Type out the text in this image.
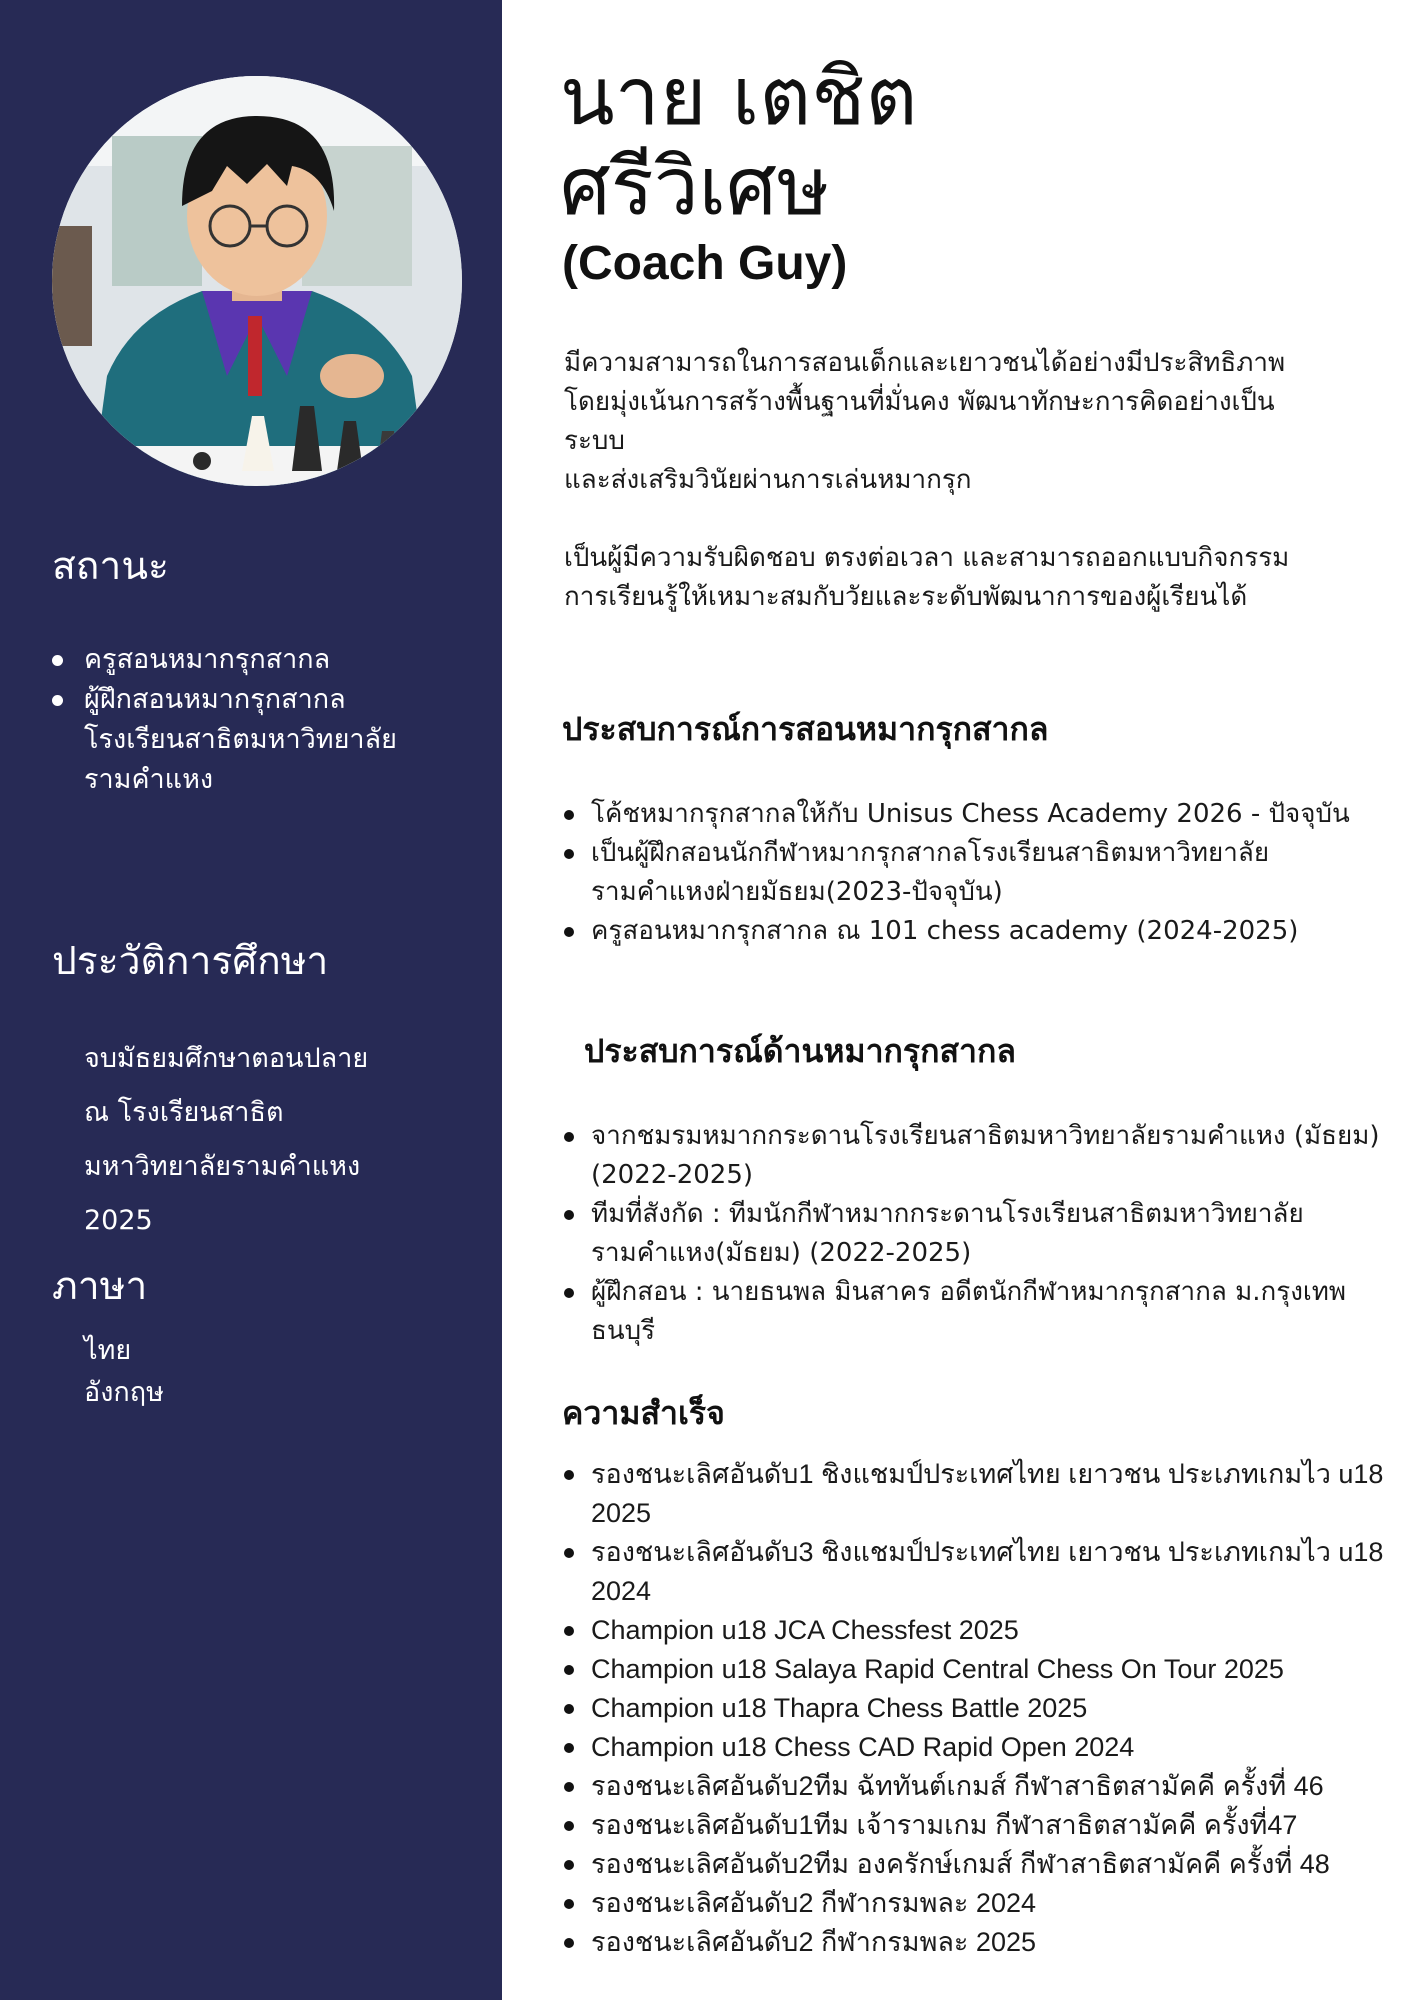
สถานะ
ครูสอนหมากรุกสากล
ผู้ฝึกสอนหมากรุกสากล โรงเรียนสาธิตมหาวิทยาลัยรามคำแหง
ประวัติการศึกษา
จบมัธยมศึกษาตอนปลาย
ณ โรงเรียนสาธิต
มหาวิทยาลัยรามคำแหง
2025
ภาษา
ไทย
อังกฤษ
นาย เตชิต
ศรีวิเศษ
(Coach Guy)

มีความสามารถในการสอนเด็กและเยาวชนได้อย่างมีประสิทธิภาพ

โดยมุ่งเน้นการสร้างพื้นฐานที่มั่นคง พัฒนาทักษะการคิดอย่างเป็น

ระบบ

และส่งเสริมวินัยผ่านการเล่นหมากรุก

เป็นผู้มีความรับผิดชอบ ตรงต่อเวลา และสามารถออกแบบกิจกรรม

การเรียนรู้ให้เหมาะสมกับวัยและระดับพัฒนาการของผู้เรียนได้

ประสบการณ์การสอนหมากรุกสากล
โค้ชหมากรุกสากลให้กับ Unisus Chess Academy 2026 - ปัจจุบัน
เป็นผู้ฝึกสอนนักกีฬาหมากรุกสากลโรงเรียนสาธิตมหาวิทยาลัยรามคำแหงฝ่ายมัธยม(2023-ปัจจุบัน)
ครูสอนหมากรุกสากล ณ 101 chess academy (2024-2025)
ประสบการณ์ด้านหมากรุกสากล
จากชมรมหมากกระดานโรงเรียนสาธิตมหาวิทยาลัยรามคำแหง (มัธยม) (2022-2025)
ทีมที่สังกัด : ทีมนักกีฬาหมากกระดานโรงเรียนสาธิตมหาวิทยาลัยรามคำแหง(มัธยม) (2022-2025)
ผู้ฝึกสอน : นายธนพล มินสาคร อดีตนักกีฬาหมากรุกสากล ม.กรุงเทพธนบุรี
ความสำเร็จ
รองชนะเลิศอันดับ1 ชิงแชมป์ประเทศไทย เยาวชน ประเภทเกมไว u18 2025
รองชนะเลิศอันดับ3 ชิงแชมป์ประเทศไทย เยาวชน ประเภทเกมไว u18 2024
Champion u18 JCA Chessfest 2025
Champion u18 Salaya Rapid Central Chess On Tour 2025
Champion u18 Thapra Chess Battle 2025
Champion u18 Chess CAD Rapid Open 2024
รองชนะเลิศอันดับ2ทีม ฉัททันต์เกมส์ กีฬาสาธิตสามัคคี ครั้งที่ 46
รองชนะเลิศอันดับ1ทีม เจ้ารามเกม กีฬาสาธิตสามัคคี ครั้งที่47
รองชนะเลิศอันดับ2ทีม องครักษ์เกมส์ กีฬาสาธิตสามัคคี ครั้งที่ 48
รองชนะเลิศอันดับ2 กีฬากรมพละ 2024
รองชนะเลิศอันดับ2 กีฬากรมพละ 2025
